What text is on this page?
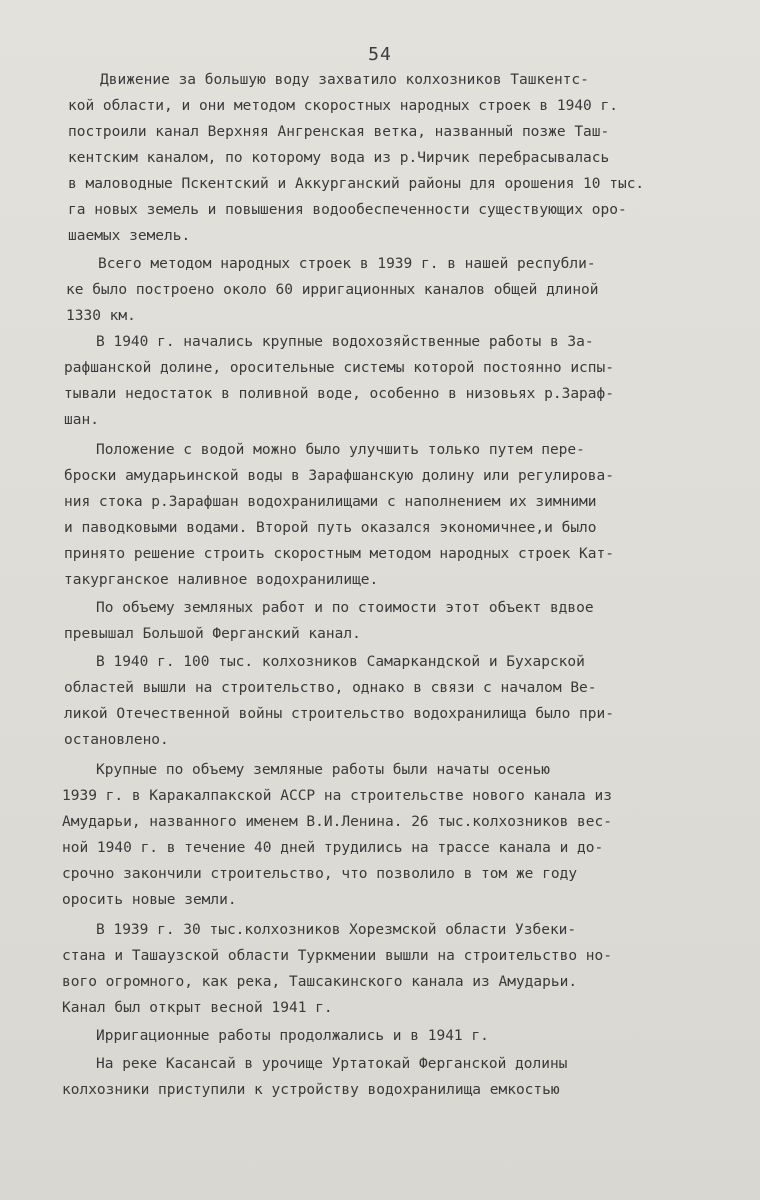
54
Движение за большую воду захватило колхозников Ташкентс-
кой области, и они методом скоростных народных строек в 1940 г.
построили канал Верхняя Ангренская ветка, названный позже Таш-
кентским каналом, по которому вода из р.Чирчик перебрасывалась
в маловодные Пскентский и Аккурганский районы для орошения 10 тыс.
га новых земель и повышения водообеспеченности существующих оро-
шаемых земель.
Всего методом народных строек в 1939 г. в нашей республи-
ке было построено около 60 ирригационных каналов общей длиной
1330 км.
В 1940 г. начались крупные водохозяйственные работы в За-
рафшанской долине, оросительные системы которой постоянно испы-
тывали недостаток в поливной воде, особенно в низовьях р.Зараф-
шан.
Положение с водой можно было улучшить только путем пере-
броски амударьинской воды в Зарафшанскую долину или регулирова-
ния стока р.Зарафшан водохранилищами с наполнением их зимними
и паводковыми водами. Второй путь оказался экономичнее,и было
принято решение строить скоростным методом народных строек Кат-
такурганское наливное водохранилище.
По объему земляных работ и по стоимости этот объект вдвое
превышал Большой Ферганский канал.
В 1940 г. 100 тыс. колхозников Самаркандской и Бухарской
областей вышли на строительство, однако в связи с началом Ве-
ликой Отечественной войны строительство водохранилища было при-
остановлено.
Крупные по объему земляные работы были начаты осенью
1939 г. в Каракалпакской АССР на строительстве нового канала из
Амударьи, названного именем В.И.Ленина. 26 тыс.колхозников вес-
ной 1940 г. в течение 40 дней трудились на трассе канала и до-
срочно закончили строительство, что позволило в том же году
оросить новые земли.
В 1939 г. 30 тыс.колхозников Хорезмской области Узбеки-
стана и Ташаузской области Туркмении вышли на строительство но-
вого огромного, как река, Ташсакинского канала из Амударьи.
Канал был открыт весной 1941 г.
Ирригационные работы продолжались и в 1941 г.
На реке Касансай в урочище Уртатокай Ферганской долины
колхозники приступили к устройству водохранилища емкостью
